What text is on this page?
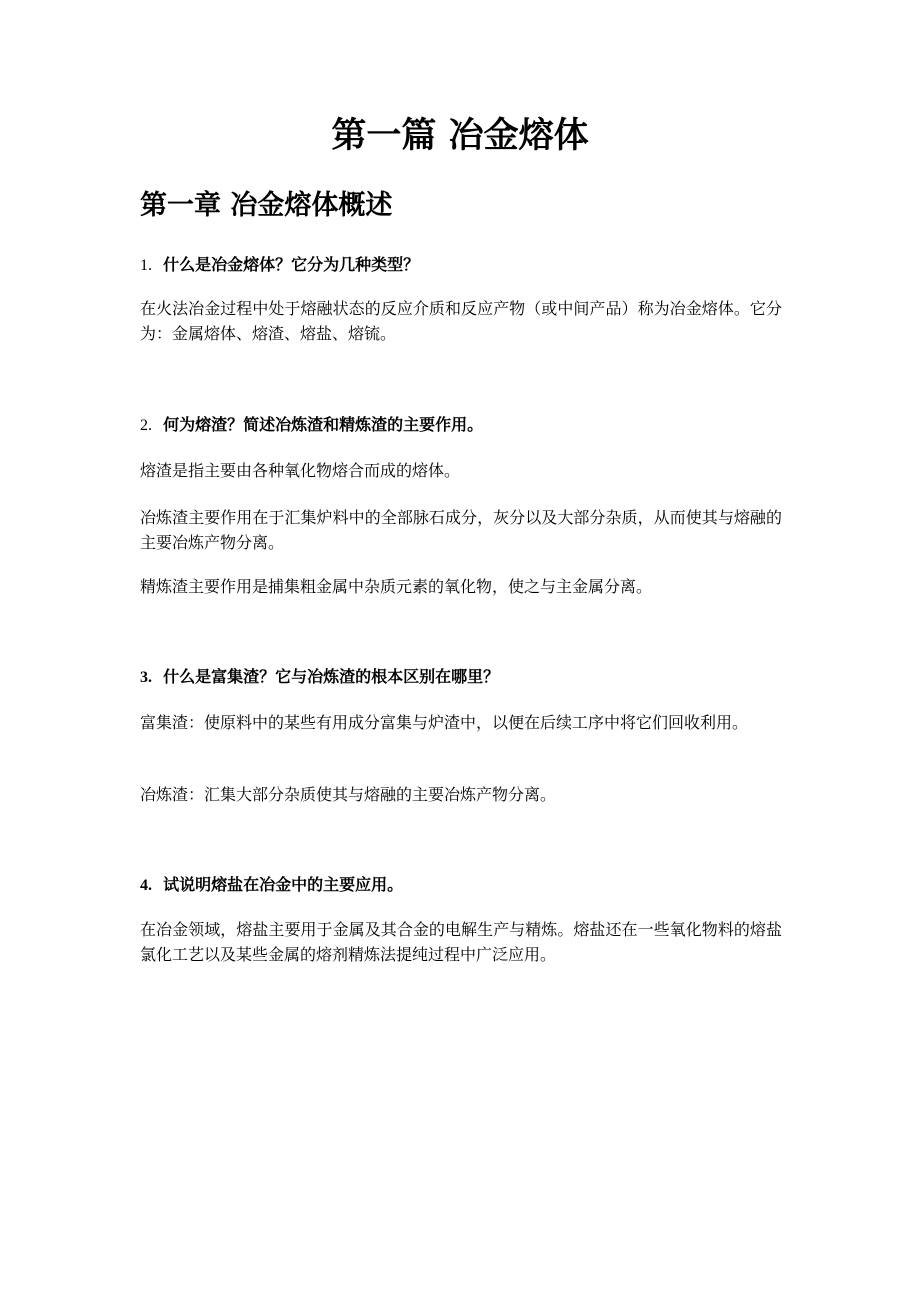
第一篇 冶金熔体
第一章 冶金熔体概述
1. 什么是冶金熔体？它分为几种类型？

在火法冶金过程中处于熔融状态的反应介质和反应产物（或中间产品）称为冶金熔体。它分为：金属熔体、熔渣、熔盐、熔锍。

2. 何为熔渣？简述冶炼渣和精炼渣的主要作用。

熔渣是指主要由各种氧化物熔合而成的熔体。

冶炼渣主要作用在于汇集炉料中的全部脉石成分，灰分以及大部分杂质，从而使其与熔融的主要冶炼产物分离。

精炼渣主要作用是捕集粗金属中杂质元素的氧化物，使之与主金属分离。

3. 什么是富集渣？它与冶炼渣的根本区别在哪里？

富集渣：使原料中的某些有用成分富集与炉渣中，以便在后续工序中将它们回收利用。

冶炼渣：汇集大部分杂质使其与熔融的主要冶炼产物分离。

4. 试说明熔盐在冶金中的主要应用。

在冶金领域，熔盐主要用于金属及其合金的电解生产与精炼。熔盐还在一些氧化物料的熔盐氯化工艺以及某些金属的熔剂精炼法提纯过程中广泛应用。
